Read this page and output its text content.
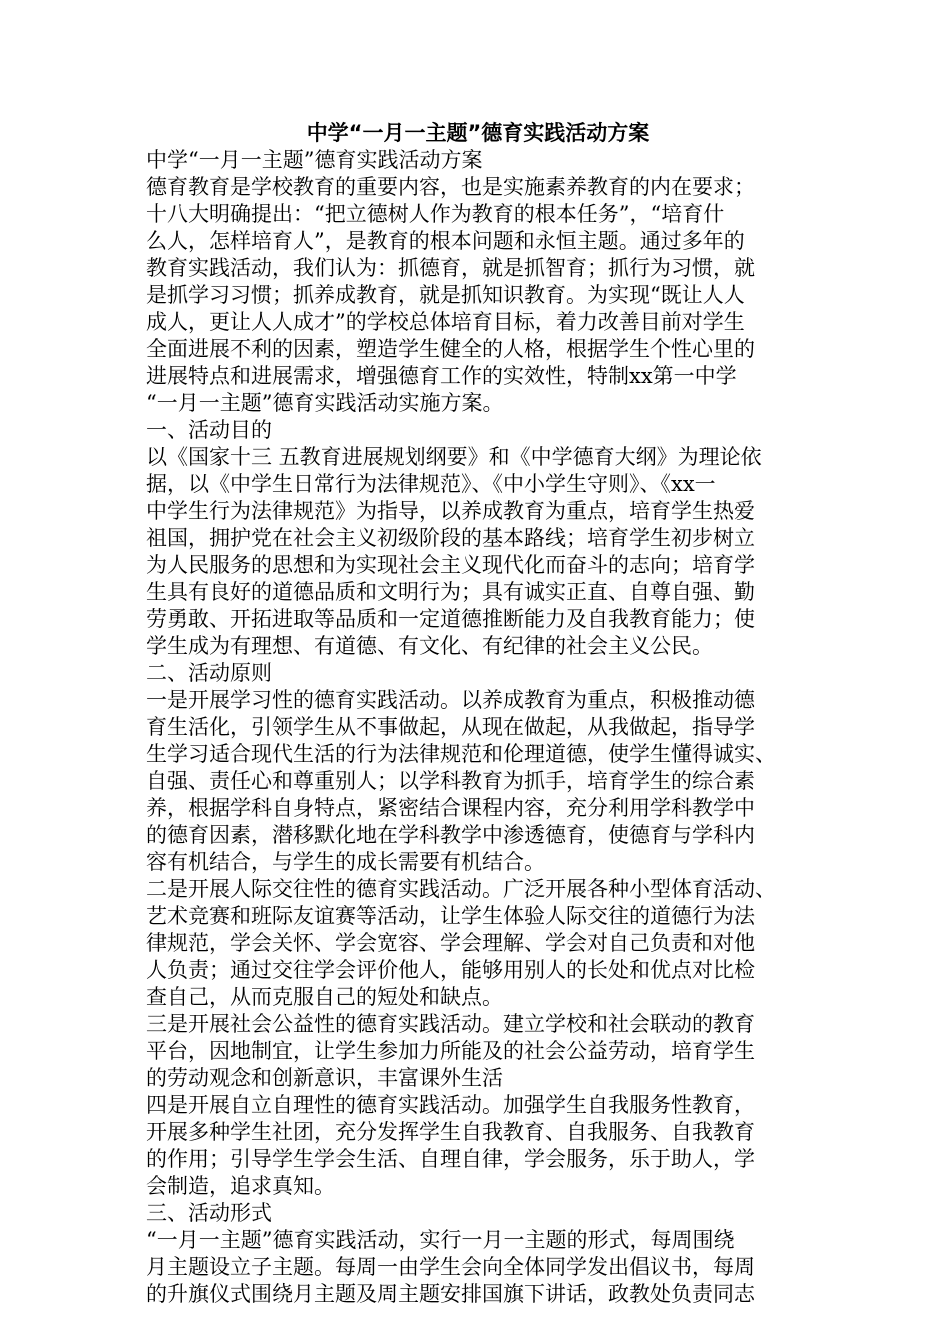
中学“一月一主题”德育实践活动方案
中学“一月一主题”德育实践活动方案
德育教育是学校教育的重要内容，也是实施素养教育的内在要求；
十八大明确提出：“把立德树人作为教育的根本任务”，“培育什
么人，怎样培育人”，是教育的根本问题和永恒主题。通过多年的
教育实践活动，我们认为：抓德育，就是抓智育；抓行为习惯，就
是抓学习习惯；抓养成教育，就是抓知识教育。为实现“既让人人
成人，更让人人成才”的学校总体培育目标，着力改善目前对学生
全面进展不利的因素，塑造学生健全的人格，根据学生个性心里的
进展特点和进展需求，增强德育工作的实效性，特制xx第一中学
“一月一主题”德育实践活动实施方案。
一、活动目的
以《国家十三 五教育进展规划纲要》和《中学德育大纲》为理论依
据，以《中学生日常行为法律规范》、《中小学生守则》、《xx一
中学生行为法律规范》为指导，以养成教育为重点，培育学生热爱
祖国，拥护党在社会主义初级阶段的基本路线；培育学生初步树立
为人民服务的思想和为实现社会主义现代化而奋斗的志向；培育学
生具有良好的道德品质和文明行为；具有诚实正直、自尊自强、勤
劳勇敢、开拓进取等品质和一定道德推断能力及自我教育能力；使
学生成为有理想、有道德、有文化、有纪律的社会主义公民。
二、活动原则
一是开展学习性的德育实践活动。以养成教育为重点，积极推动德
育生活化，引领学生从不事做起，从现在做起，从我做起，指导学
生学习适合现代生活的行为法律规范和伦理道德，使学生懂得诚实、
自强、责任心和尊重别人；以学科教育为抓手，培育学生的综合素
养，根据学科自身特点，紧密结合课程内容，充分利用学科教学中
的德育因素，潜移默化地在学科教学中渗透德育，使德育与学科内
容有机结合，与学生的成长需要有机结合。
二是开展人际交往性的德育实践活动。广泛开展各种小型体育活动、
艺术竞赛和班际友谊赛等活动，让学生体验人际交往的道德行为法
律规范，学会关怀、学会宽容、学会理解、学会对自己负责和对他
人负责；通过交往学会评价他人，能够用别人的长处和优点对比检
查自己，从而克服自己的短处和缺点。
三是开展社会公益性的德育实践活动。建立学校和社会联动的教育
平台，因地制宜，让学生参加力所能及的社会公益劳动，培育学生
的劳动观念和创新意识，丰富课外生活
四是开展自立自理性的德育实践活动。加强学生自我服务性教育，
开展多种学生社团，充分发挥学生自我教育、自我服务、自我教育
的作用；引导学生学会生活、自理自律，学会服务，乐于助人，学
会制造，追求真知。
三、活动形式
“一月一主题”德育实践活动，实行一月一主题的形式，每周围绕
月主题设立子主题。每周一由学生会向全体同学发出倡议书，每周
的升旗仪式围绕月主题及周主题安排国旗下讲话，政教处负责同志
